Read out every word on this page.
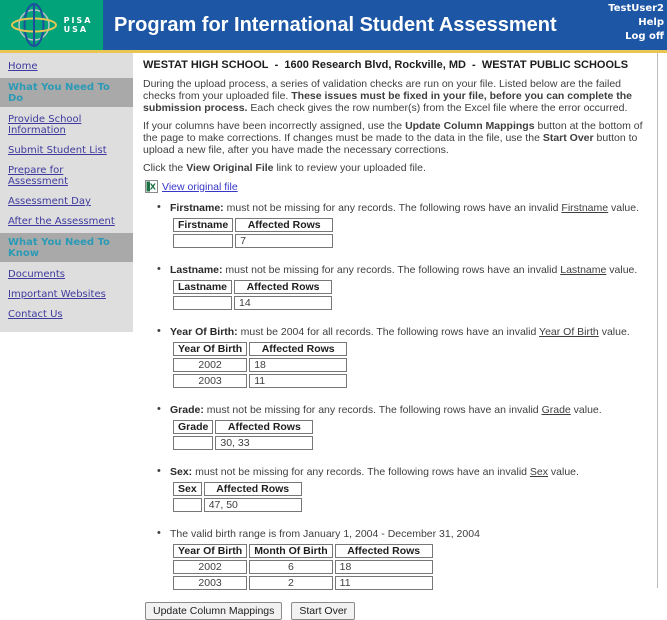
PISA
USA Program for International Student Assessment
TestUser2
Help
Log off
Home
What You Need To Do
Provide School Information
Submit Student List
Prepare for Assessment
Assessment Day
After the Assessment
What You Need To Know
Documents
Important Websites
Contact Us
WESTAT HIGH SCHOOL  -  1600 Research Blvd, Rockville, MD  -  WESTAT PUBLIC SCHOOLS

During the upload process, a series of validation checks are run on your file. Listed below are the failed checks from your uploaded file. These issues must be fixed in your file, before you can complete the submission process. Each check gives the row number(s) from the Excel file where the error occurred.

If your columns have been incorrectly assigned, use the Update Column Mappings button at the bottom of the page to make corrections. If changes must be made to the data in the file, use the Start Over button to upload a new file, after you have made the necessary corrections.

Click the View Original File link to review your uploaded file.

X View original file
• Firstname: must not be missing for any records. The following rows have an invalid Firstname value.
Firstname	Affected Rows
	7
• Lastname: must not be missing for any records. The following rows have an invalid Lastname value.
Lastname	Affected Rows
	14
• Year Of Birth: must be 2004 for all records. The following rows have an invalid Year Of Birth value.
Year Of Birth	Affected Rows
2002	18
2003	11
• Grade: must not be missing for any records. The following rows have an invalid Grade value.
Grade	Affected Rows
	30, 33
• Sex: must not be missing for any records. The following rows have an invalid Sex value.
Sex	Affected Rows
	47, 50
• The valid birth range is from January 1, 2004 - December 31, 2004
Year Of Birth	Month Of Birth	Affected Rows
2002	6	18
2003	2	11
Update Column Mappings Start Over
